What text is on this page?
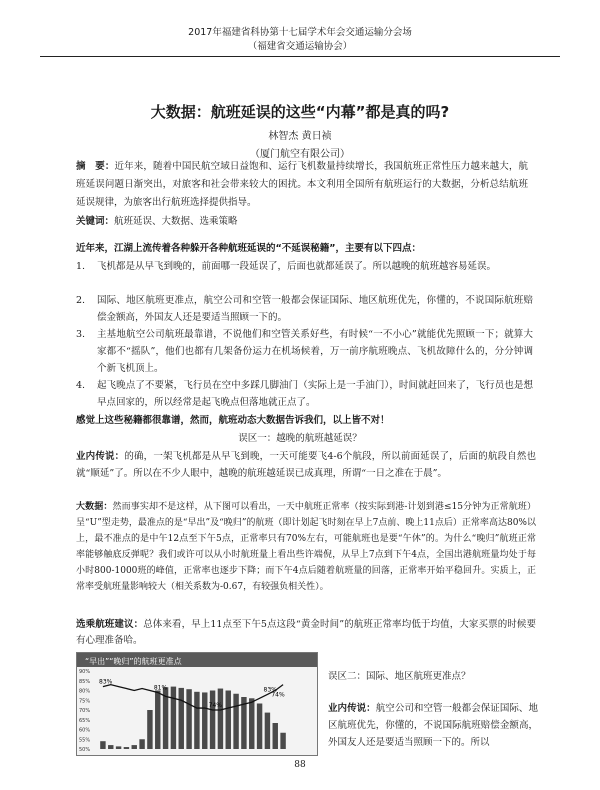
2017年福建省科协第十七届学术年会交通运输分会场
（福建省交通运输协会）
大数据：航班延误的这些“内幕”都是真的吗?
林智杰 黄日祯
（厦门航空有限公司）
摘　要：近年来，随着中国民航空域日益饱和、运行飞机数量持续增长，我国航班正常性压力越来越大，航班延误问题日渐突出，对旅客和社会带来较大的困扰。本文利用全国所有航班运行的大数据，分析总结航班延误规律，为旅客出行航班选择提供指导。
关键词：航班延误、大数据、选乘策略
近年来，江湖上流传着各种躲开各种航班延误的“不延误秘籍”，主要有以下四点：
1. 飞机都是从早飞到晚的，前面哪一段延误了，后面也就都延误了。所以越晚的航班越容易延误。
2. 国际、地区航班更准点，航空公司和空管一般都会保证国际、地区航班优先，你懂的，不说国际航班赔偿金额高，外国友人还是要适当照顾一下的。
3. 主基地航空公司航班最靠谱，不说他们和空管关系好些，有时候“一不小心”就能优先照顾一下；就算大家都不“摇队”，他们也都有几架备份运力在机场候着，万一前序航班晚点、飞机故障什么的，分分钟调个新飞机顶上。
4. 起飞晚点了不要紧，飞行员在空中多踩几脚油门（实际上是一手油门），时间就赶回来了，飞行员也是想早点回家的，所以经常是起飞晚点但落地就正点了。
感觉上这些秘籍都很靠谱，然而，航班动态大数据告诉我们，以上皆不对！
误区一：越晚的航班越延误？
业内传说：的确，一架飞机都是从早飞到晚，一天可能要飞4-6个航段，所以前面延误了，后面的航段自然也就“顺延”了。所以在不少人眼中，越晚的航班越延误已成真理，所谓“一日之准在于晨”。
大数据：然而事实却不是这样，从下图可以看出，一天中航班正常率（按实际到港-计划到港≤15分钟为正常航班）呈“U”型走势，最准点的是“早出”及“晚归”的航班（即计划起飞时刻在早上7点前、晚上11点后）正常率高达80%以上，最不准点的是中午12点至下午5点，正常率只有70%左右，可能航班也是要“午休”的。为什么“晚归”航班正常率能够触底反弹呢？我们或许可以从小时航班量上看出些许端倪，从早上7点到下午4点，全国出港航班量均处于每小时800-1000班的峰值，正常率也逐步下降；而下午4点后随着航班量的回落，正常率开始平稳回升。实质上，正常率受航班量影响较大（相关系数为-0.67，有较强负相关性）。
选乘航班建议：总体来看，早上11点至下午5点这段“黄金时间”的航班正常率均低于均值，大家买票的时候要有心理准备哈。
“早出”“晚归”的航班更准点
90%
85%
80%
75%
70%
65%
60%
55%
50%
83%
81%
74%
83%
74%
误区二：国际、地区航班更准点？
业内传说：航空公司和空管一般都会保证国际、地区航班优先，你懂的，不说国际航班赔偿金额高，外国友人还是要适当照顾一下的。所以
88
